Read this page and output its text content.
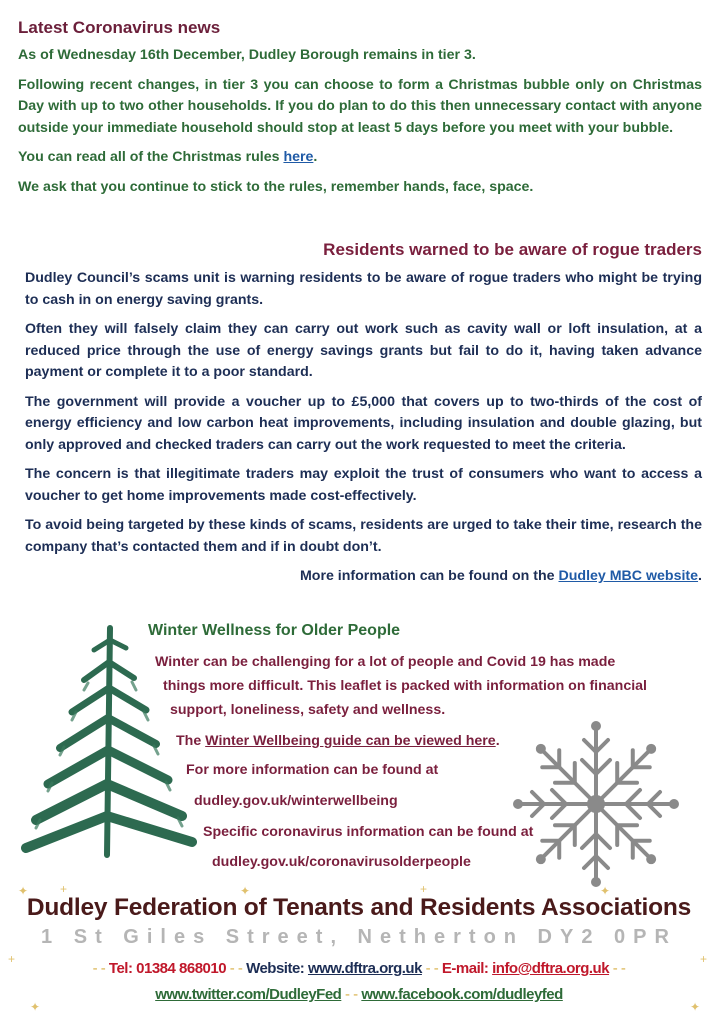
Latest Coronavirus news

As of Wednesday 16th December, Dudley Borough remains in tier 3.

Following recent changes, in tier 3 you can choose to form a Christmas bubble only on Christmas Day with up to two other households. If you do plan to do this then unnecessary contact with anyone outside your immediate household should stop at least 5 days before you meet with your bubble.

You can read all of the Christmas rules here.

We ask that you continue to stick to the rules, remember hands, face, space.

Residents warned to be aware of rogue traders

Dudley Council’s scams unit is warning residents to be aware of rogue traders who might be trying to cash in on energy saving grants.

Often they will falsely claim they can carry out work such as cavity wall or loft insulation, at a reduced price through the use of energy savings grants but fail to do it, having taken advance payment or complete it to a poor standard.

The government will provide a voucher up to £5,000 that covers up to two-thirds of the cost of energy efficiency and low carbon heat improvements, including insulation and double glazing, but only approved and checked traders can carry out the work requested to meet the criteria.

The concern is that illegitimate traders may exploit the trust of consumers who want to access a voucher to get home improvements made cost-effectively.

To avoid being targeted by these kinds of scams, residents are urged to take their time, research the company that’s contacted them and if in doubt don’t.

More information can be found on the Dudley MBC website.

Winter Wellness for Older People
Winter can be challenging for a lot of people and Covid 19 has made
things more difficult. This leaflet is packed with information on financial
support, loneliness, safety and wellness.
The Winter Wellbeing guide can be viewed here.
For more information can be found at
dudley.gov.uk/winterwellbeing
Specific coronavirus information can be found at
dudley.gov.uk/coronavirusolderpeople
✦	+	✦	+	✦
+
✦	✦
+
Dudley Federation of Tenants and Residents Associations
1 St Giles Street, Netherton DY2 0PR
- - Tel: 01384 868010 - - Website: www.dftra.org.uk - - E-mail: info@dftra.org.uk - -
www.twitter.com/DudleyFed - - www.facebook.com/dudleyfed
